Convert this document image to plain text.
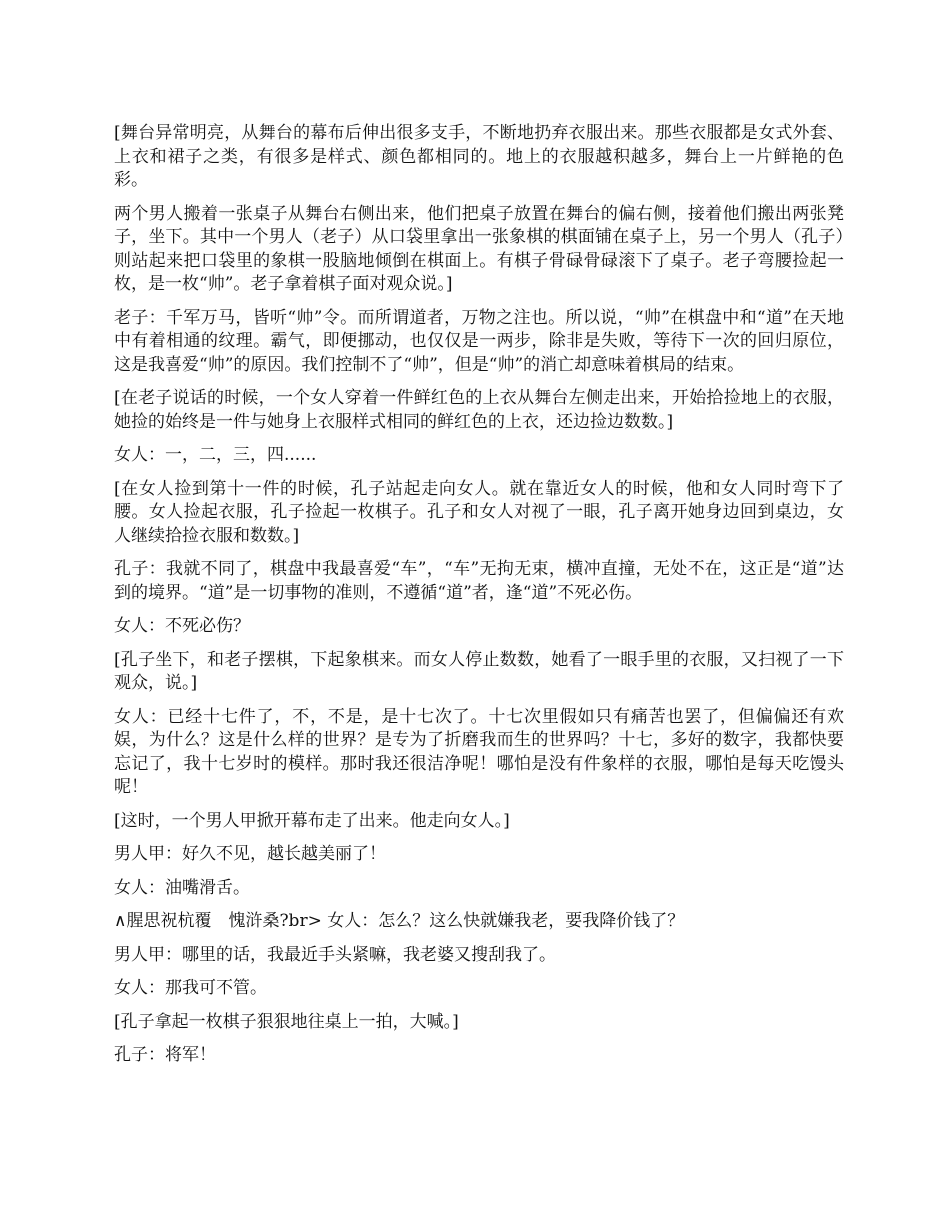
[舞台异常明亮，从舞台的幕布后伸出很多支手，不断地扔弃衣服出来。那些衣服都是女式外套、上衣和裙子之类，有很多是样式、颜色都相同的。地上的衣服越积越多，舞台上一片鲜艳的色彩。

两个男人搬着一张桌子从舞台右侧出来，他们把桌子放置在舞台的偏右侧，接着他们搬出两张凳子，坐下。其中一个男人（老子）从口袋里拿出一张象棋的棋面铺在桌子上，另一个男人（孔子）则站起来把口袋里的象棋一股脑地倾倒在棋面上。有棋子骨碌骨碌滚下了桌子。老子弯腰捡起一枚，是一枚“帅”。老子拿着棋子面对观众说。]

老子：千军万马，皆听“帅”令。而所谓道者，万物之注也。所以说，“帅”在棋盘中和“道”在天地中有着相通的纹理。霸气，即便挪动，也仅仅是一两步，除非是失败，等待下一次的回归原位，这是我喜爱“帅”的原因。我们控制不了“帅”，但是“帅”的消亡却意味着棋局的结束。

[在老子说话的时候，一个女人穿着一件鲜红色的上衣从舞台左侧走出来，开始拾捡地上的衣服，她捡的始终是一件与她身上衣服样式相同的鲜红色的上衣，还边捡边数数。]

女人：一，二，三，四......

[在女人捡到第十一件的时候，孔子站起走向女人。就在靠近女人的时候，他和女人同时弯下了腰。女人捡起衣服，孔子捡起一枚棋子。孔子和女人对视了一眼，孔子离开她身边回到桌边，女人继续拾捡衣服和数数。]

孔子：我就不同了，棋盘中我最喜爱“车”，“车”无拘无束，横冲直撞，无处不在，这正是“道”达到的境界。“道”是一切事物的准则，不遵循“道”者，逢“道”不死必伤。

女人：不死必伤？

[孔子坐下，和老子摆棋，下起象棋来。而女人停止数数，她看了一眼手里的衣服，又扫视了一下观众，说。]

女人：已经十七件了，不，不是，是十七次了。十七次里假如只有痛苦也罢了，但偏偏还有欢娱，为什么？这是什么样的世界？是专为了折磨我而生的世界吗？十七，多好的数字，我都快要忘记了，我十七岁时的模样。那时我还很洁净呢！哪怕是没有件象样的衣服，哪怕是每天吃馒头呢！

[这时，一个男人甲掀开幕布走了出来。他走向女人。]

男人甲：好久不见，越长越美丽了！

女人：油嘴滑舌。

∧腥思祝杭覆　愧浒桑?br> 女人：怎么？这么快就嫌我老，要我降价钱了？

男人甲：哪里的话，我最近手头紧嘛，我老婆又搜刮我了。

女人：那我可不管。

[孔子拿起一枚棋子狠狠地往桌上一拍，大喊。]

孔子：将军！
